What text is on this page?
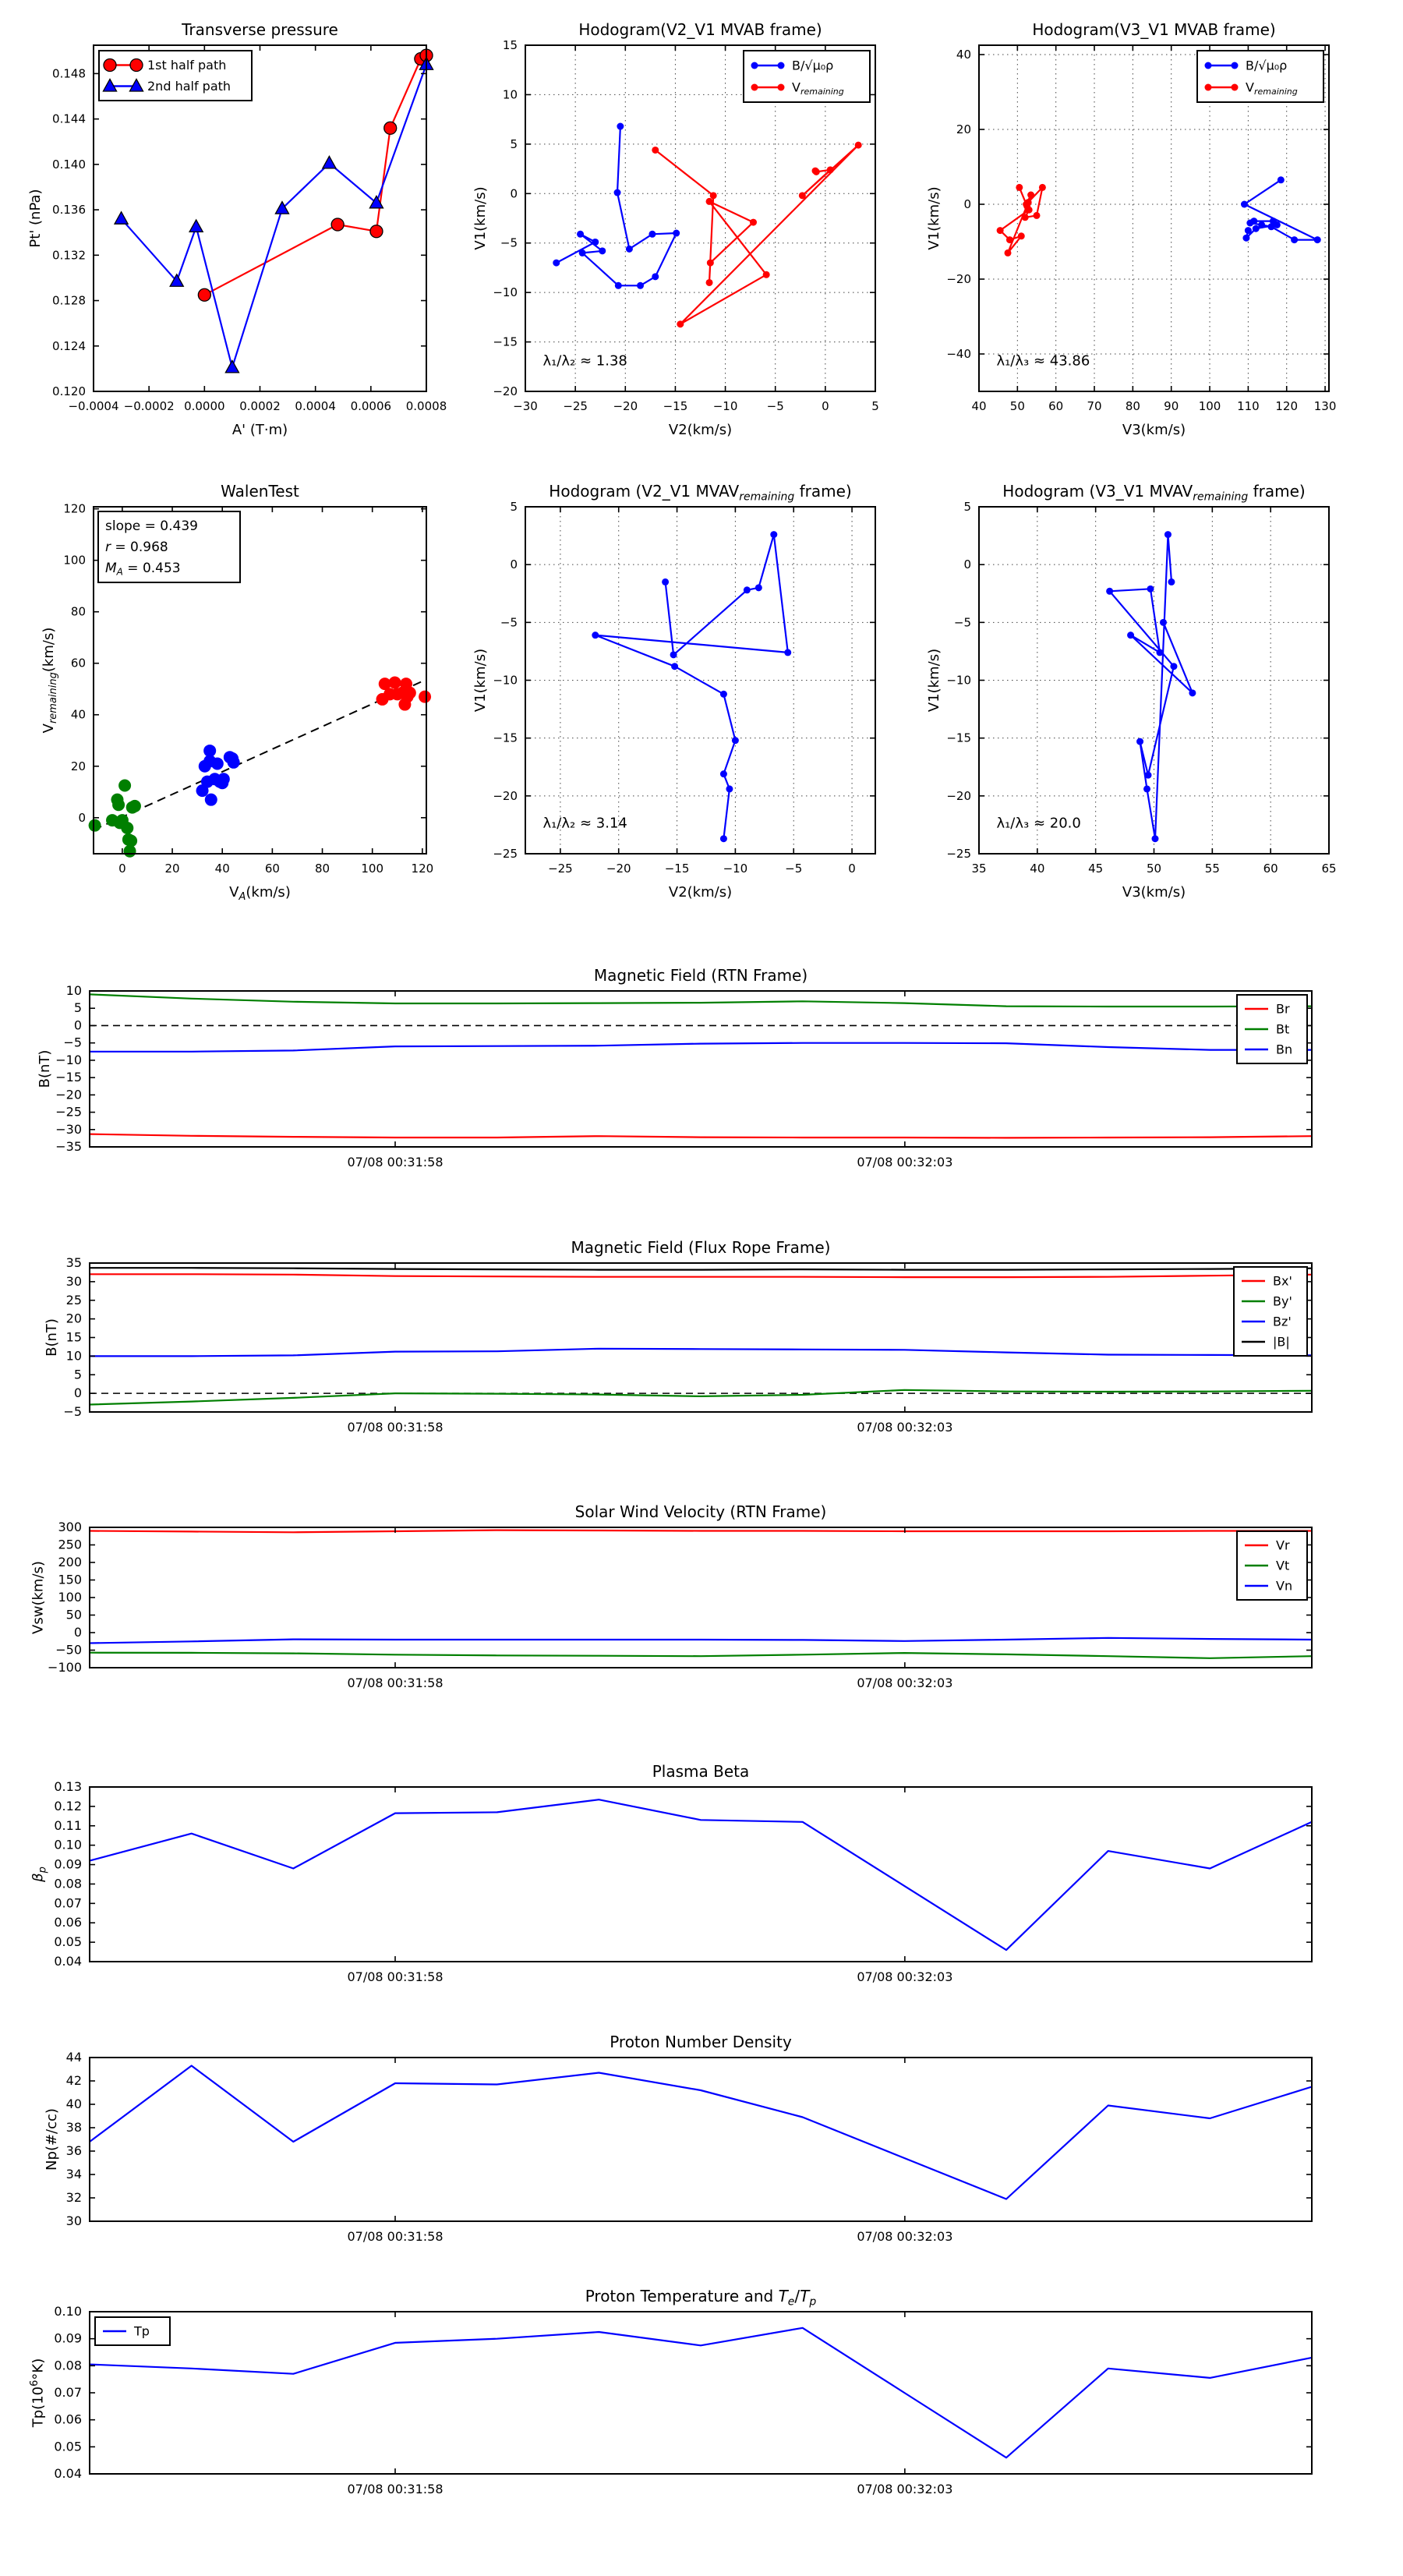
−0.0004 −0.0002 0.0000 0.0002 0.0004 0.0006 0.0008
0.120
0.124
0.128
0.132
0.136
0.140
0.144
0.148
Transverse pressure
A' (T·m)
Pt' (nPa)
1st half path
2nd half path
−30 −25 −20 −15 −10 −5	0	5
−20
−15
−10
−5
0
5
10
15
Hodogram(V2_V1 MVAB frame)
V2(km/s)
V1(km/s)
λ₁/λ₂ ≈ 1.38
B/√μ₀ρ
$V_{remaining}$
40 50 60 70 80 90 100 110 120 130
−40
−20
0
20
40
Hodogram(V3_V1 MVAB frame)
V3(km/s)
V1(km/s)
λ₁/λ₃ ≈ 43.86
B/√μ₀ρ
$V_{remaining}$
0	20	40	60	80	100 120
0
20
40
60
80
100
120
WalenTest
$V_A(km/s)$
$V_{remaining}(km/s)$
slope = 0.439
r = 0.968
$M_A = 0.453$
−25	−20	−15	−10	−5	0
−25
−20
−15
−10
−5
0
5
Hodogram (V2_V1 $MVAV_{remaining}$ frame)
V2(km/s)
V1(km/s)
λ₁/λ₂ ≈ 3.14
35	40	45	50	55	60	65
−25
−20
−15
−10
−5
0
5
Hodogram (V3_V1 $MVAV_{remaining}$ frame)
V3(km/s)
V1(km/s)
λ₁/λ₃ ≈ 20.0
07/08 00:31:58	07/08 00:32:03
10
5
0
−5
−10
−15
−20
−25
−30
−35
Magnetic Field (RTN Frame)
B(nT)
Br
Bt
Bn
07/08 00:31:58	07/08 00:32:03
35
30
25
20
15
10
5
0
−5
Magnetic Field (Flux Rope Frame)
B(nT)
Bx'
By'
Bz'
|B|
07/08 00:31:58	07/08 00:32:03
300
250
200
150
100
50
0
−50
−100
Solar Wind Velocity (RTN Frame)
Vsw(km/s)
Vr
Vt
Vn
07/08 00:31:58	07/08 00:32:03
0.13
0.12
0.11
0.10
0.09
0.08
0.07
0.06
0.05
0.04
Plasma Beta
$\beta_p$
07/08 00:31:58	07/08 00:32:03
44
42
40
38
36
34
32
30
Proton Number Density
Np(#/cc)
07/08 00:31:58	07/08 00:32:03
0.10
0.09
0.08
0.07
0.06
0.05
0.04
Proton Temperature and $T_e/T_p$
$Tp(10^6^\circ K)$
Tp
